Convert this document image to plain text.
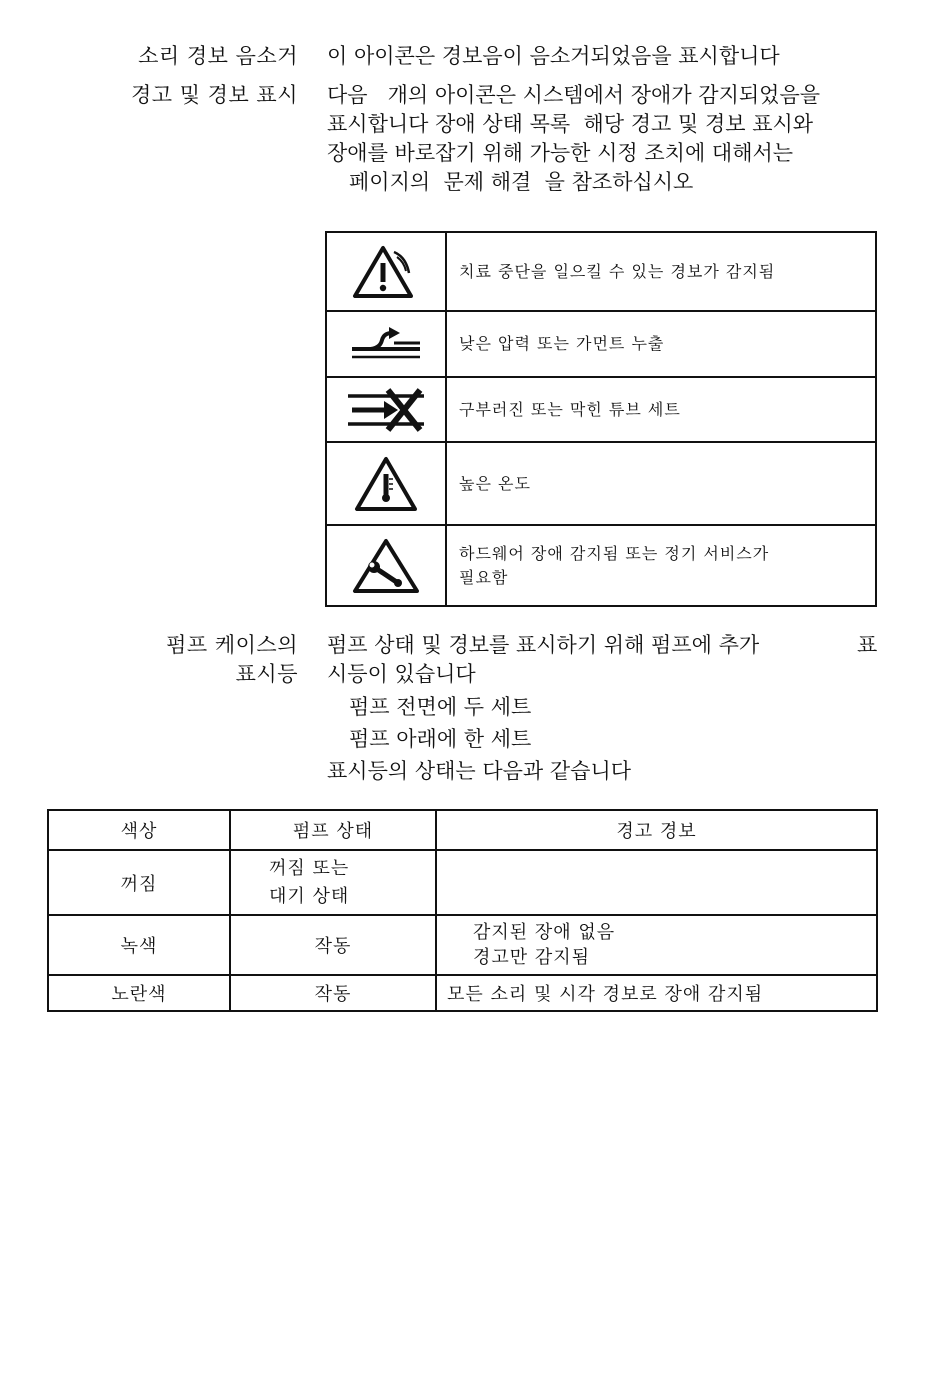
소리 경보 음소거 이 아이콘은 경보음이 음소거되었음을 표시합니다
경고 및 경보 표시 다음   개의 아이콘은 시스템에서 장애가 감지되었음을
표시합니다 장애 상태 목록  해당 경고 및 경보 표시와
장애를 바로잡기 위해 가능한 시정 조치에 대해서는
페이지의  문제 해결  을 참조하십시오
	치료 중단을 일으킬 수 있는 경보가 감지됨

	낮은 압력 또는 가먼트 누출

	구부러진 또는 막힌 튜브 세트

	높은 온도

	하드웨어 장애 감지됨 또는 정기 서비스가
필요함
펌프 케이스의
표시등
펌프 상태 및 경보를 표시하기 위해 펌프에 추가	표
시등이 있습니다
펌프 전면에 두 세트
펌프 아래에 한 세트
표시등의 상태는 다음과 같습니다
색상	펌프 상태	경고 경보
꺼짐	꺼짐 또는
대기 상태	
녹색	작동	감지된 장애 없음
경고만 감지됨
노란색	작동	모든 소리 및 시각 경보로 장애 감지됨
